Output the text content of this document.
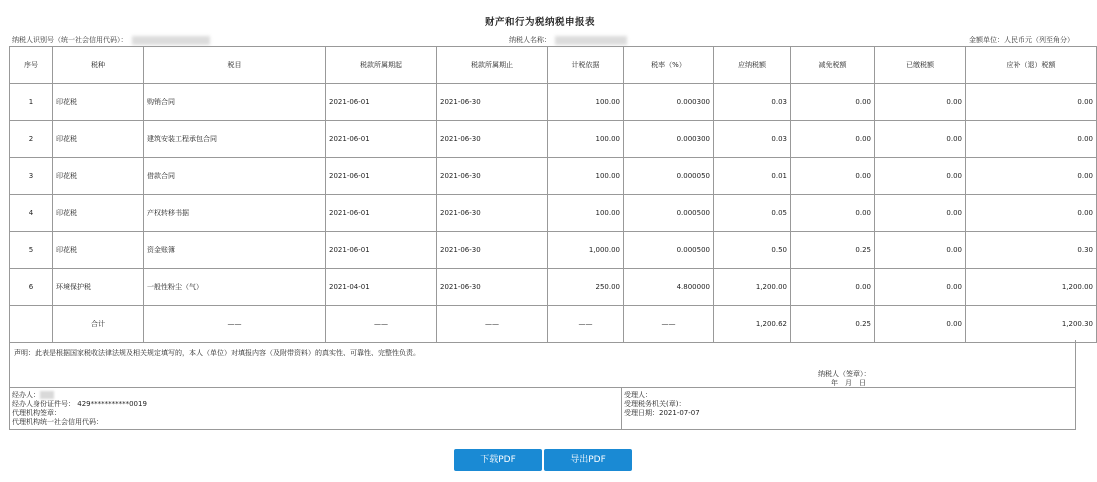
财产和行为税纳税申报表
纳税人识别号（统一社会信用代码）：	纳税人名称：	金额单位：人民币元（列至角分）
序号	税种	税目	税款所属期起	税款所属期止	计税依据	税率（%）	应纳税额	减免税额	已缴税额	应补（退）税额
1	印花税	购销合同	2021-06-01	2021-06-30	100.00	0.000300	0.03	0.00	0.00	0.00
2	印花税	建筑安装工程承包合同	2021-06-01	2021-06-30	100.00	0.000300	0.03	0.00	0.00	0.00
3	印花税	借款合同	2021-06-01	2021-06-30	100.00	0.000050	0.01	0.00	0.00	0.00
4	印花税	产权转移书据	2021-06-01	2021-06-30	100.00	0.000500	0.05	0.00	0.00	0.00
5	印花税	资金账簿	2021-06-01	2021-06-30	1,000.00	0.000500	0.50	0.25	0.00	0.30
6	环境保护税	一般性粉尘（气）	2021-04-01	2021-06-30	250.00	4.800000	1,200.00	0.00	0.00	1,200.00
	合计	——	——	——	——	——	1,200.62	0.25	0.00	1,200.30
声明：此表是根据国家税收法律法规及相关规定填写的，本人（单位）对填报内容（及附带资料）的真实性、可靠性、完整性负责。
纳税人（签章）：
年　月　日
经办人：
经办人身份证件号： 429***********0019
代理机构签章：
代理机构统一社会信用代码：
受理人：
受理税务机关(章)：
受理日期：2021-07-07
下载PDF	导出PDF
